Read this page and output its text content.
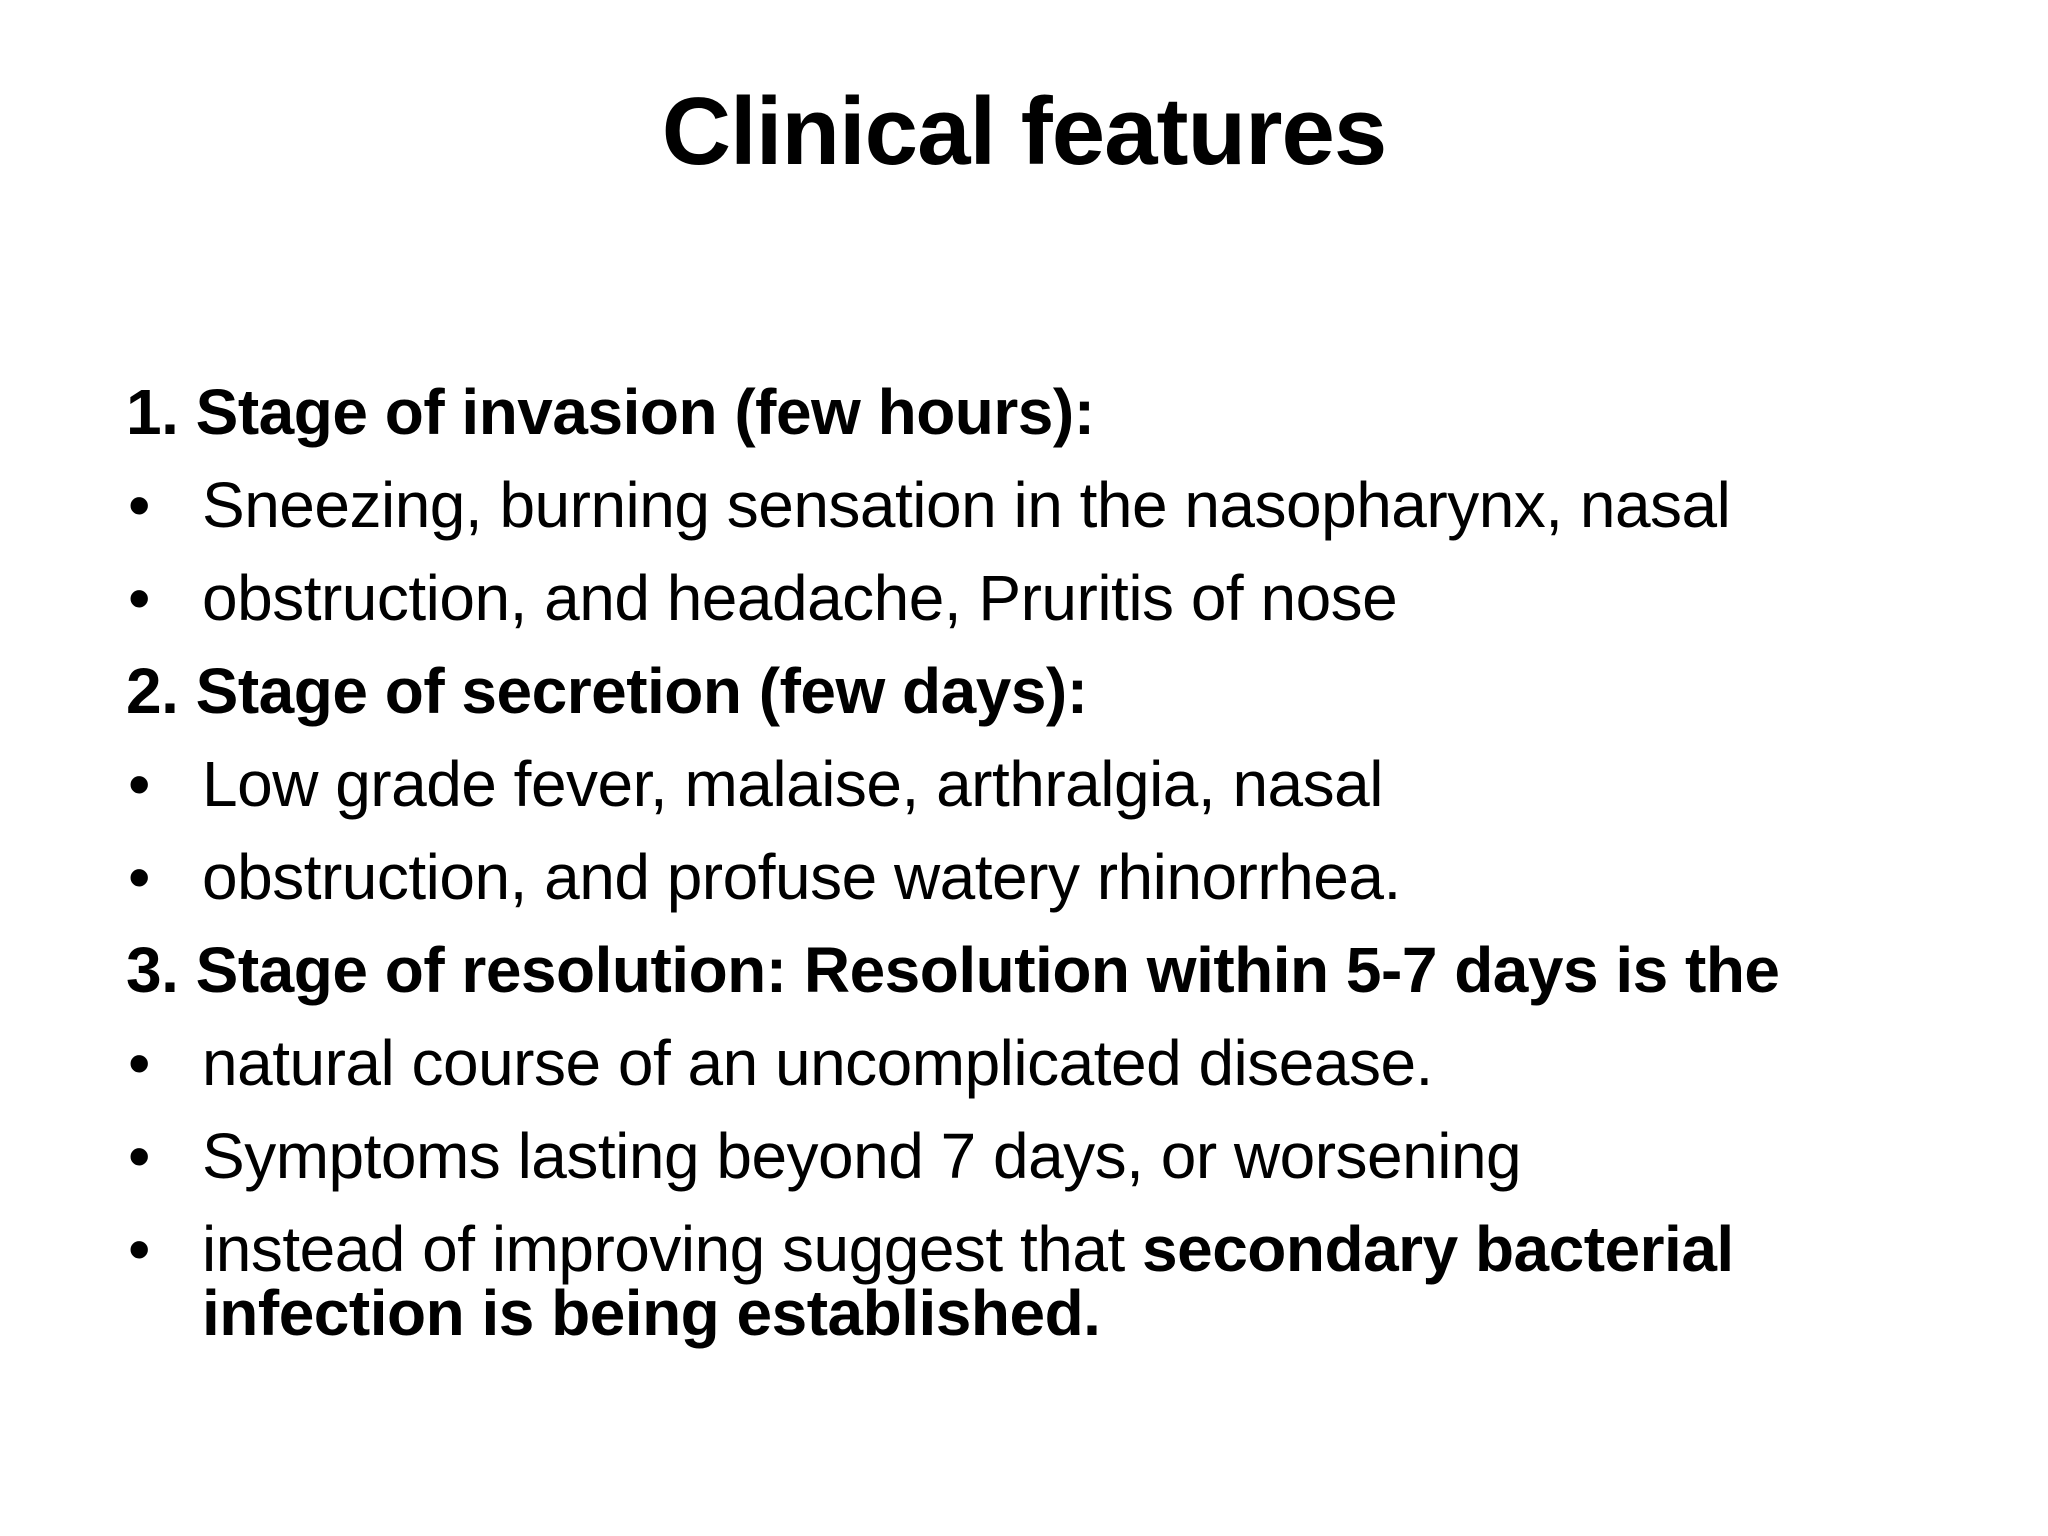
Clinical features
1. Stage of invasion (few hours):
• Sneezing, burning sensation in the nasopharynx, nasal
• obstruction, and headache, Pruritis of nose
2. Stage of secretion (few days):
• Low grade fever, malaise, arthralgia, nasal
• obstruction, and profuse watery rhinorrhea.
3. Stage of resolution: Resolution within 5-7 days is the
• natural course of an uncomplicated disease.
• Symptoms lasting beyond 7 days, or worsening
• instead of improving suggest that secondary bacterial
infection is being established.
